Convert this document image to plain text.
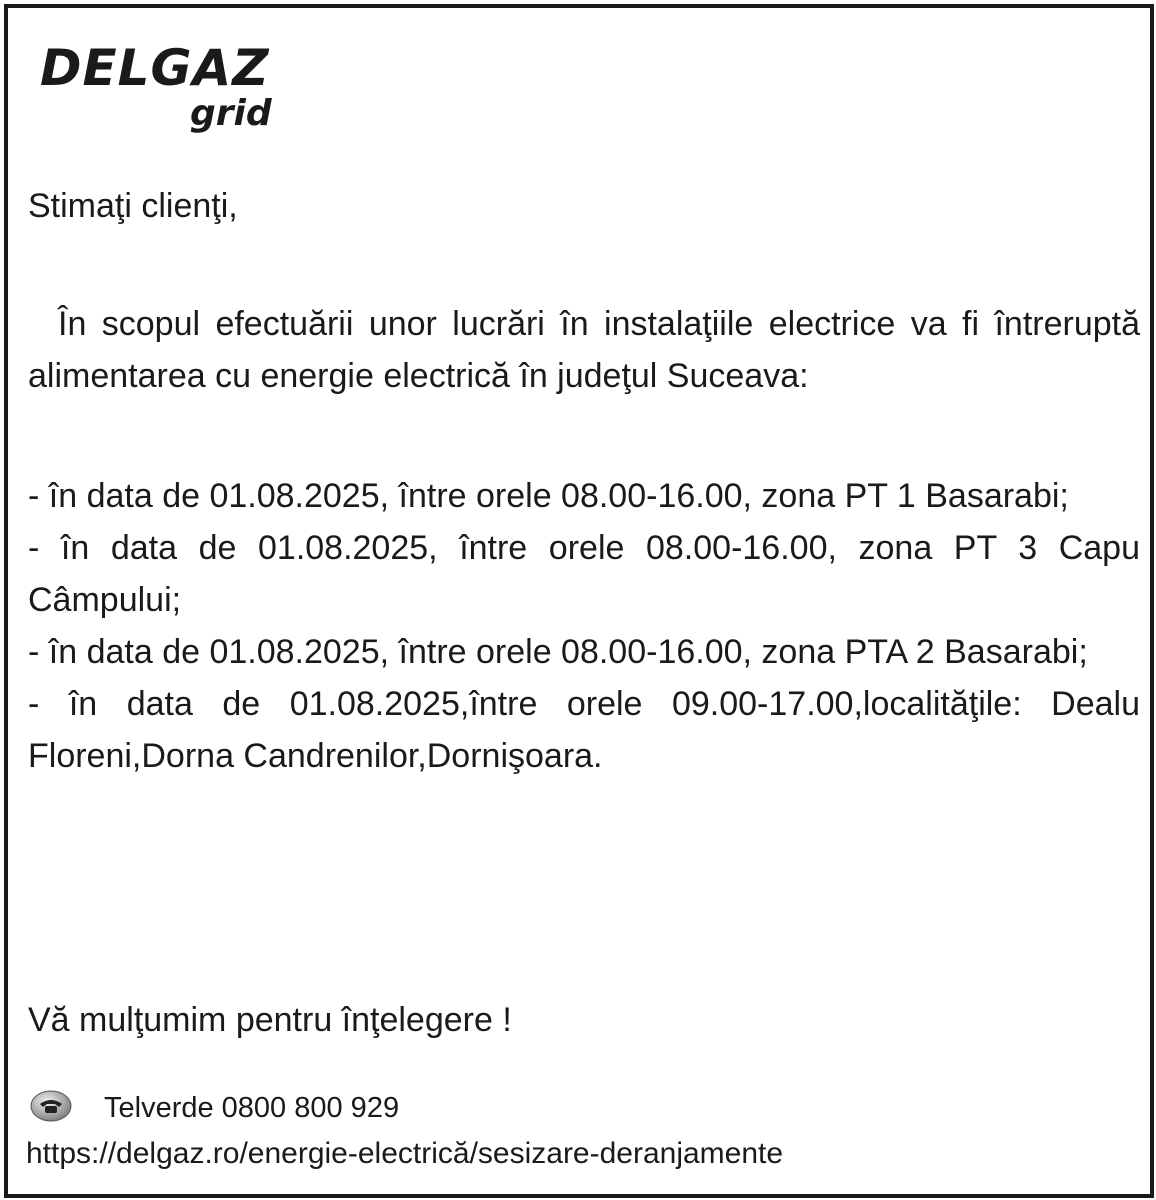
DELGAZ
grid
Stimaţi clienţi,
În scopul efectuării unor lucrări în instalaţiile electrice va fi întreruptă alimentarea cu energie electrică în judeţul Suceava:

- în data de 01.08.2025, între orele 08.00-16.00, zona PT 1 Basarabi;

- în data de 01.08.2025, între orele 08.00-16.00, zona PT 3 Capu Câmpului;

- în data de 01.08.2025, între orele 08.00-16.00, zona PTA 2 Basarabi;

- în data de 01.08.2025,între orele 09.00-17.00,localităţile: Dealu Floreni,Dorna Candrenilor,Dornişoara.

Vă mulţumim pentru înţelegere !
Telverde 0800 800 929
https://delgaz.ro/energie-electrică/sesizare-deranjamente
